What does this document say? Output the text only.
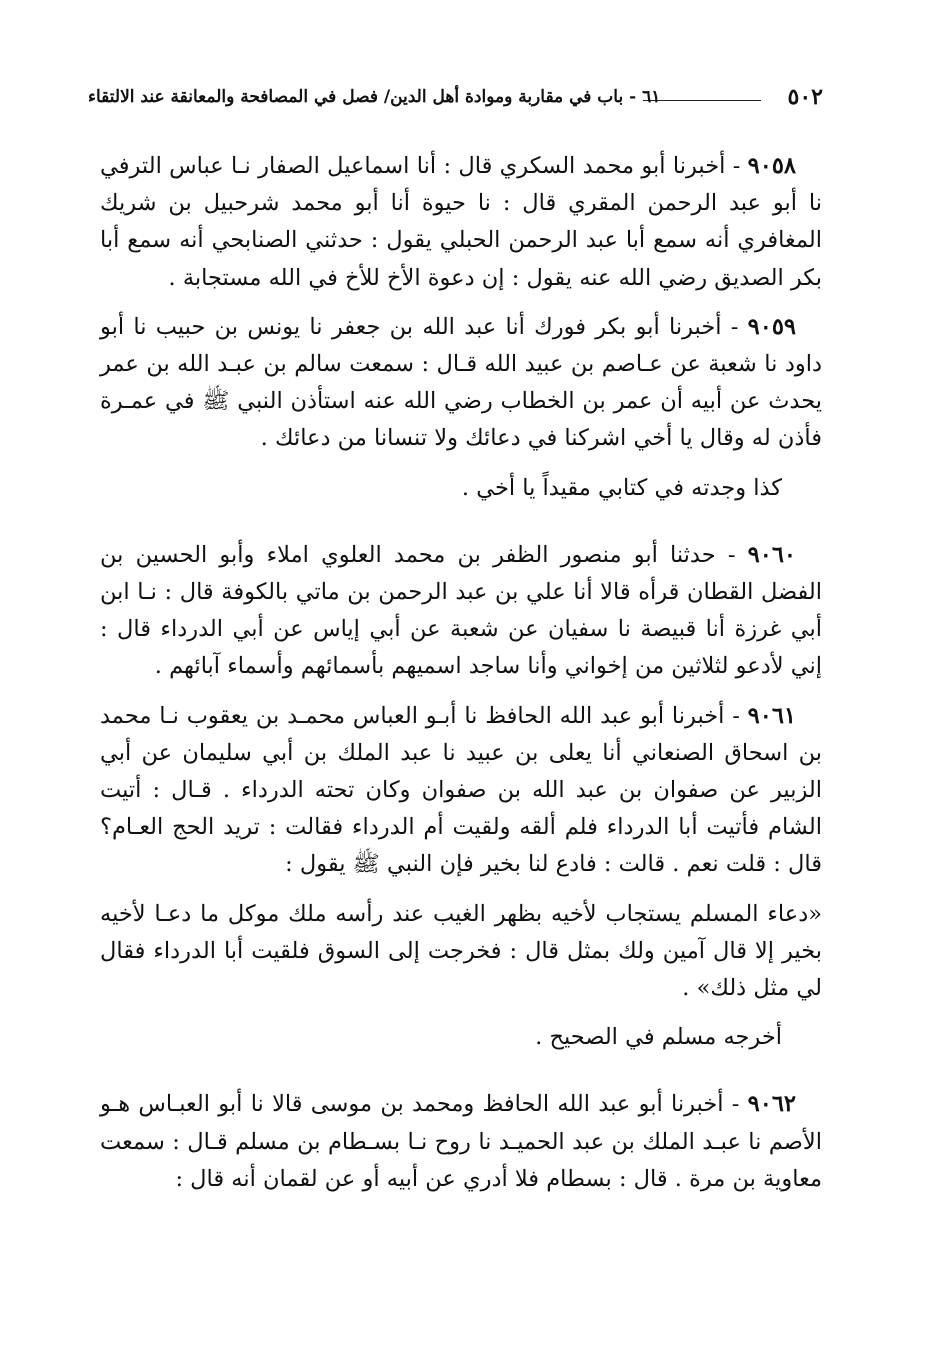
٥٠٢
٦١ - باب في مقاربة وموادة أهل الدين/ فصل في المصافحة والمعانقة عند الالتقاء

٩٠٥٨ - أخبرنا أبو محمد السكري قال : أنا اسماعيل الصفار نـا عباس الترفي نا أبو عبد الرحمن المقري قال : نا حيوة أنا أبو محمد شرحبيل بن شريك المغافري أنه سمع أبا عبد الرحمن الحبلي يقول : حدثني الصنابحي أنه سمع أبا بكر الصديق رضي الله عنه يقول : إن دعوة الأخ للأخ في الله مستجابة .

٩٠٥٩ - أخبرنا أبو بكر فورك أنا عبد الله بن جعفر نا يونس بن حبيب نا أبو داود نا شعبة عن عـاصم بن عبيد الله قـال : سمعت سالم بن عبـد الله بن عمر يحدث عن أبيه أن عمر بن الخطاب رضي الله عنه استأذن النبي ﷺ في عمـرة فأذن له وقال يا أخي اشركنا في دعائك ولا تنسانا من دعائك .

كذا وجدته في كتابي مقيداً يا أخي .

٩٠٦٠ - حدثنا أبو منصور الظفر بن محمد العلوي املاء وأبو الحسين بن الفضل القطان قرأه قالا أنا علي بن عبد الرحمن بن ماتي بالكوفة قال : نـا ابن أبي غرزة أنا قبيصة نا سفيان عن شعبة عن أبي إياس عن أبي الدرداء قال : إني لأدعو لثلاثين من إخواني وأنا ساجد اسميهم بأسمائهم وأسماء آبائهم .

٩٠٦١ - أخبرنا أبو عبد الله الحافظ نا أبـو العباس محمـد بن يعقوب نـا محمد بن اسحاق الصنعاني أنا يعلى بن عبيد نا عبد الملك بن أبي سليمان عن أبي الزبير عن صفوان بن عبد الله بن صفوان وكان تحته الدرداء . قـال : أتيت الشام فأتيت أبا الدرداء فلم ألقه ولقيت أم الدرداء فقالت : تريد الحج العـام؟ قال : قلت نعم . قالت : فادع لنا بخير فإن النبي ﷺ يقول :

«دعاء المسلم يستجاب لأخيه بظهر الغيب عند رأسه ملك موكل ما دعـا لأخيه بخير إلا قال آمين ولك بمثل قال : فخرجت إلى السوق فلقيت أبا الدرداء فقال لي مثل ذلك» .

أخرجه مسلم في الصحيح .

٩٠٦٢ - أخبرنا أبو عبد الله الحافظ ومحمد بن موسى قالا نا أبو العبـاس هـو الأصم نا عبـد الملك بن عبد الحميـد نا روح نـا بسـطام بن مسلم قـال : سمعت معاوية بن مرة . قال : بسطام فلا أدري عن أبيه أو عن لقمان أنه قال :
